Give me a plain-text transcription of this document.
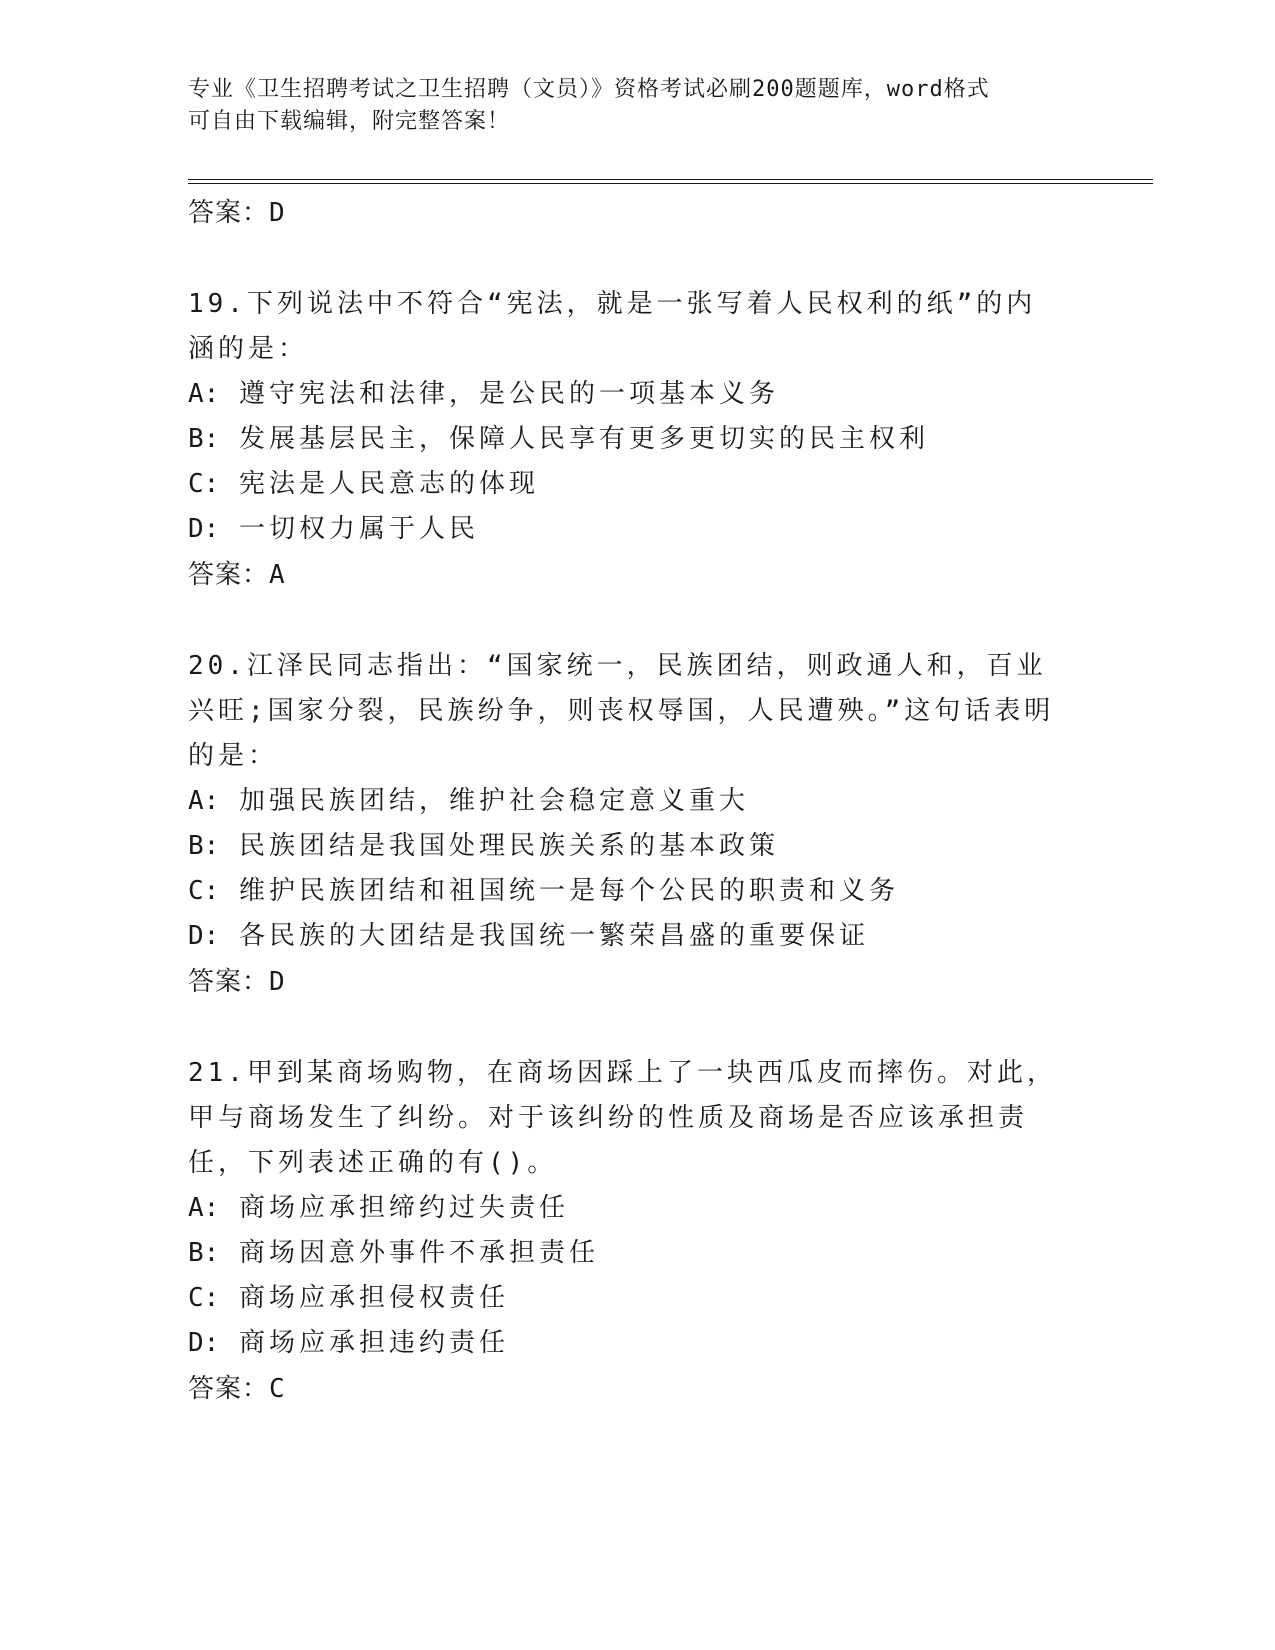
专业《卫生招聘考试之卫生招聘（文员）》资格考试必刷200题题库，word格式
可自由下载编辑，附完整答案！
答案：D
19.下列说法中不符合“宪法，就是一张写着人民权利的纸”的内涵的是：
A: 遵守宪法和法律，是公民的一项基本义务
B: 发展基层民主，保障人民享有更多更切实的民主权利
C: 宪法是人民意志的体现
D: 一切权力属于人民
答案：A
20.江泽民同志指出：“国家统一，民族团结，则政通人和，百业兴旺;国家分裂，民族纷争，则丧权辱国，人民遭殃。”这句话表明的是：
A: 加强民族团结，维护社会稳定意义重大
B: 民族团结是我国处理民族关系的基本政策
C: 维护民族团结和祖国统一是每个公民的职责和义务
D: 各民族的大团结是我国统一繁荣昌盛的重要保证
答案：D
21.甲到某商场购物，在商场因踩上了一块西瓜皮而摔伤。对此，甲与商场发生了纠纷。对于该纠纷的性质及商场是否应该承担责任，下列表述正确的有()。
A: 商场应承担缔约过失责任
B: 商场因意外事件不承担责任
C: 商场应承担侵权责任
D: 商场应承担违约责任
答案：C
